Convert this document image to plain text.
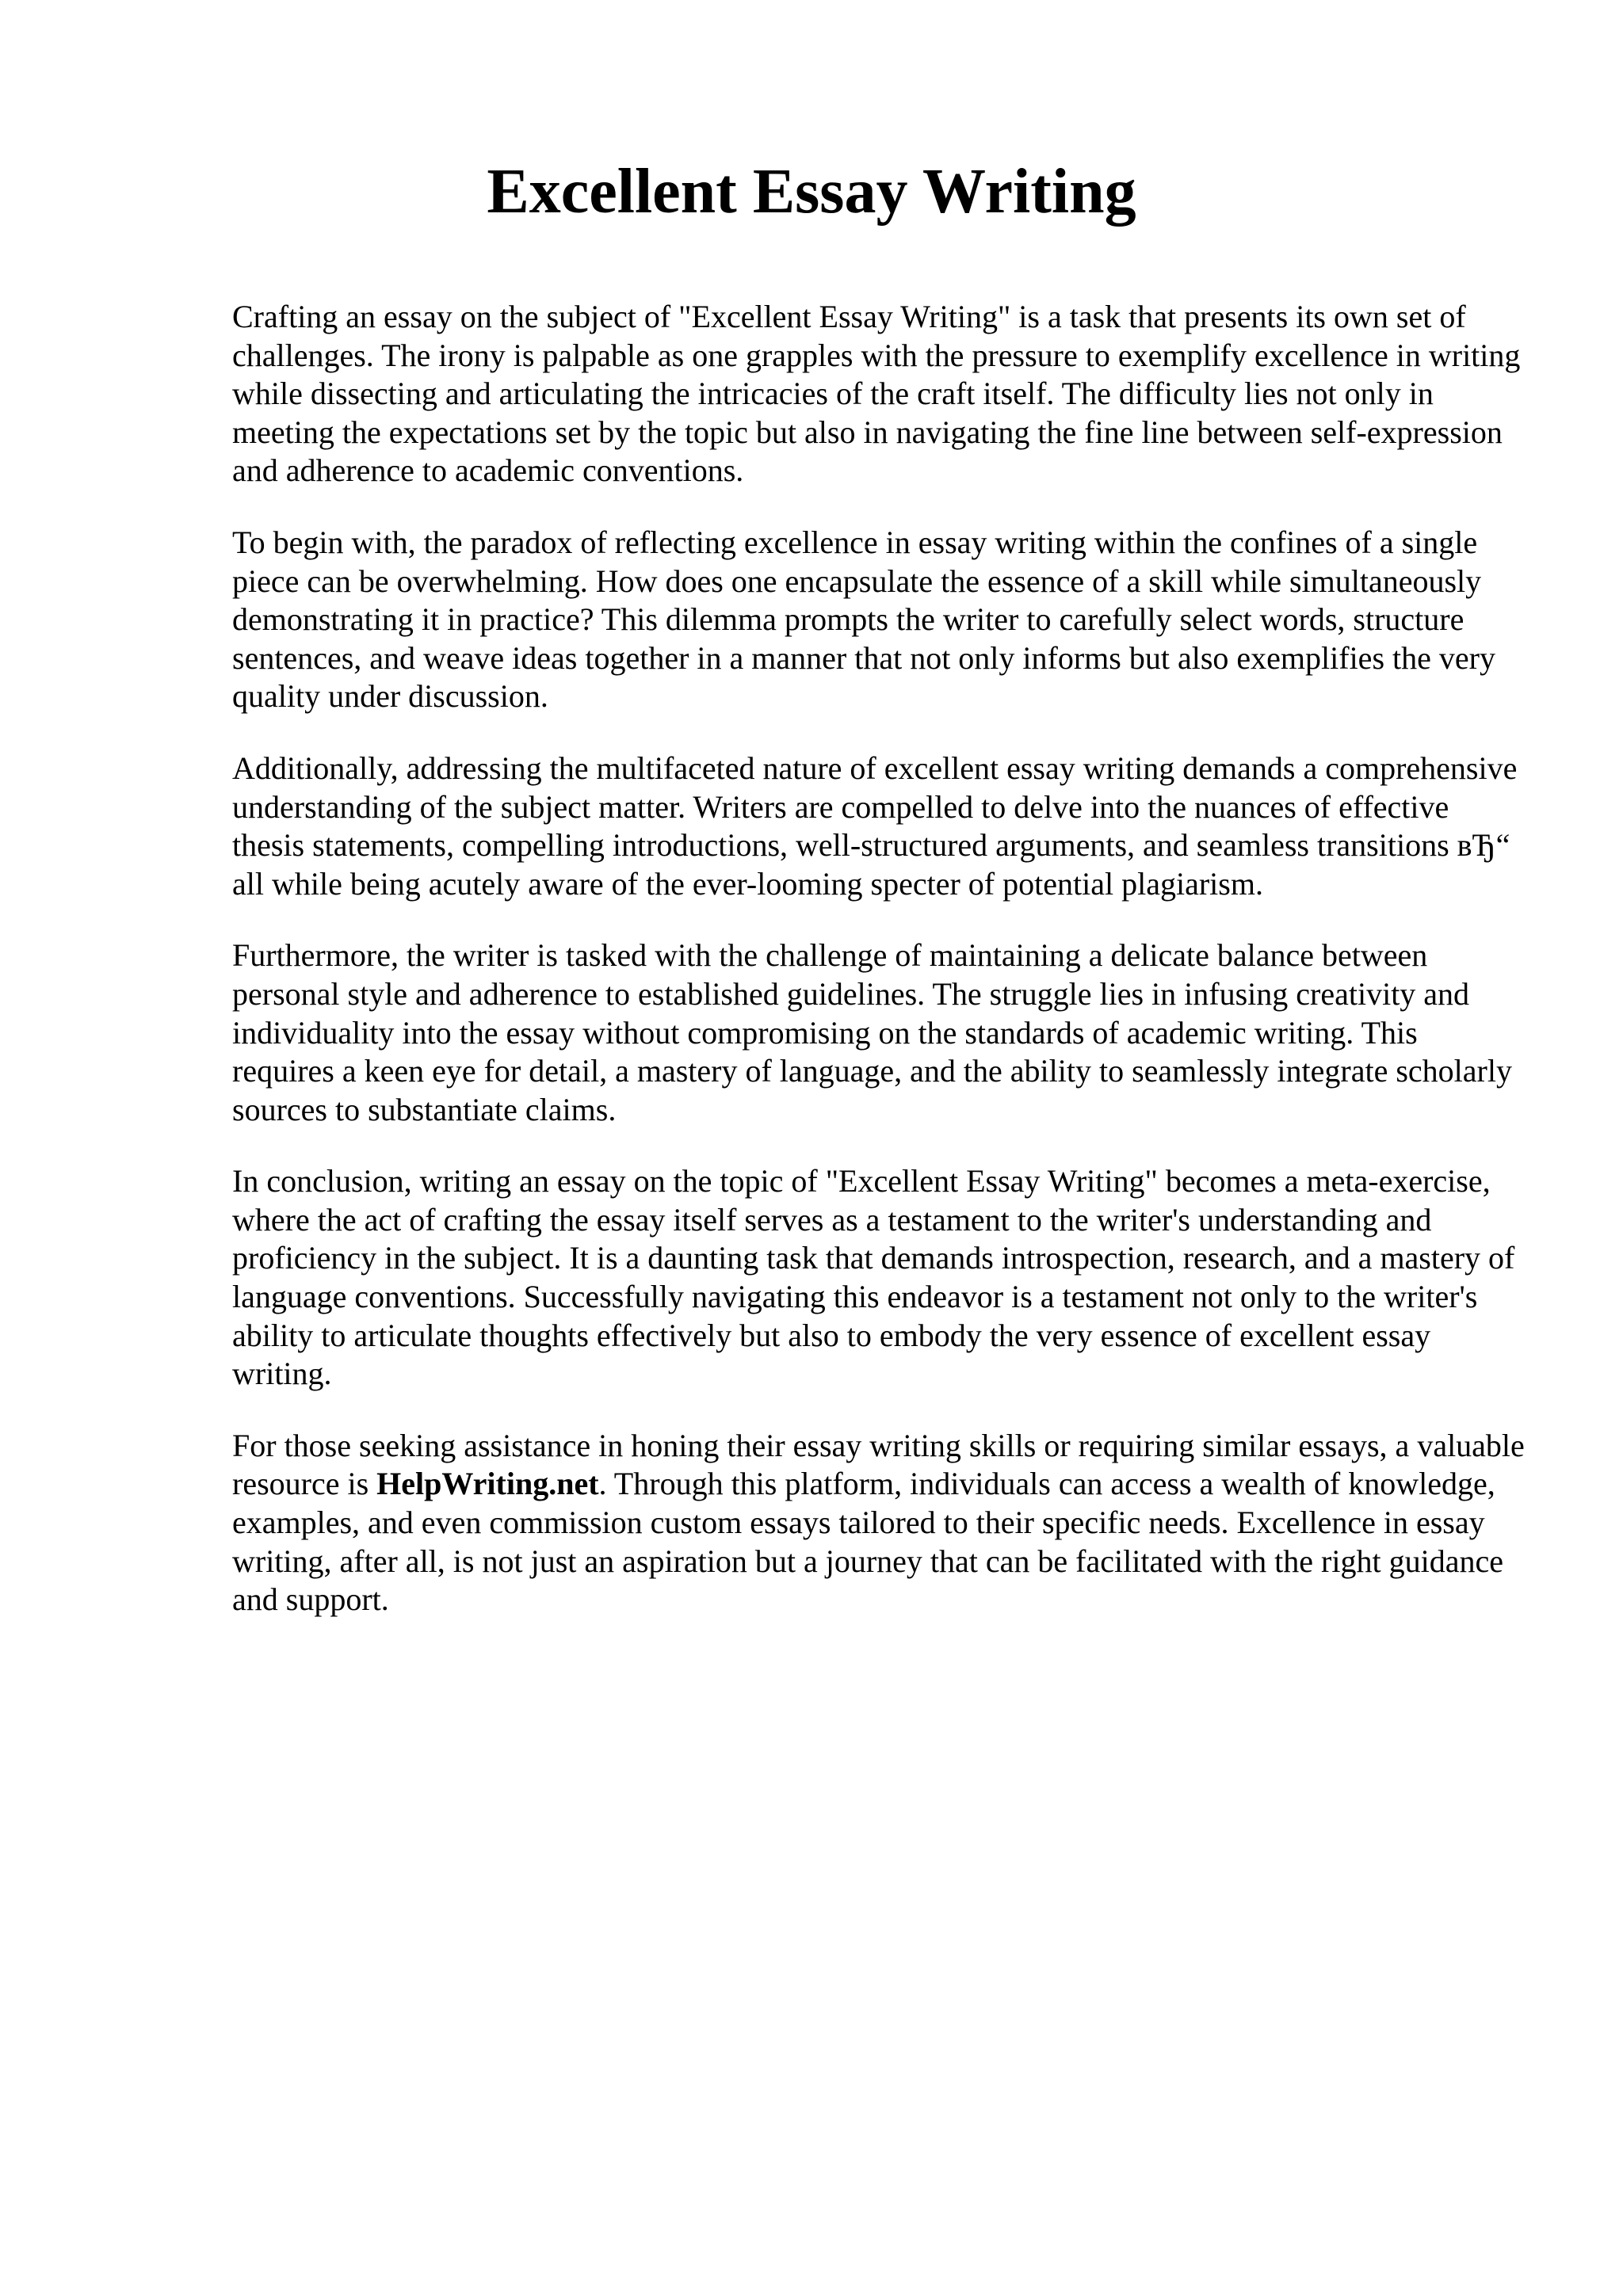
Excellent Essay Writing

Crafting an essay on the subject of "Excellent Essay Writing" is a task that presents its own set of challenges. The irony is palpable as one grapples with the pressure to exemplify excellence in writing while dissecting and articulating the intricacies of the craft itself. The difficulty lies not only in meeting the expectations set by the topic but also in navigating the fine line between self-expression and adherence to academic conventions.

To begin with, the paradox of reflecting excellence in essay writing within the confines of a single piece can be overwhelming. How does one encapsulate the essence of a skill while simultaneously demonstrating it in practice? This dilemma prompts the writer to carefully select words, structure sentences, and weave ideas together in a manner that not only informs but also exemplifies the very quality under discussion.

Additionally, addressing the multifaceted nature of excellent essay writing demands a comprehensive understanding of the subject matter. Writers are compelled to delve into the nuances of effective thesis statements, compelling introductions, well-structured arguments, and seamless transitions вЂ“ all while being acutely aware of the ever-looming specter of potential plagiarism.

Furthermore, the writer is tasked with the challenge of maintaining a delicate balance between personal style and adherence to established guidelines. The struggle lies in infusing creativity and individuality into the essay without compromising on the standards of academic writing. This requires a keen eye for detail, a mastery of language, and the ability to seamlessly integrate scholarly sources to substantiate claims.

In conclusion, writing an essay on the topic of "Excellent Essay Writing" becomes a meta-exercise, where the act of crafting the essay itself serves as a testament to the writer's understanding and proficiency in the subject. It is a daunting task that demands introspection, research, and a mastery of language conventions. Successfully navigating this endeavor is a testament not only to the writer's ability to articulate thoughts effectively but also to embody the very essence of excellent essay writing.

For those seeking assistance in honing their essay writing skills or requiring similar essays, a valuable resource is HelpWriting.net. Through this platform, individuals can access a wealth of knowledge, examples, and even commission custom essays tailored to their specific needs. Excellence in essay writing, after all, is not just an aspiration but a journey that can be facilitated with the right guidance and support.
